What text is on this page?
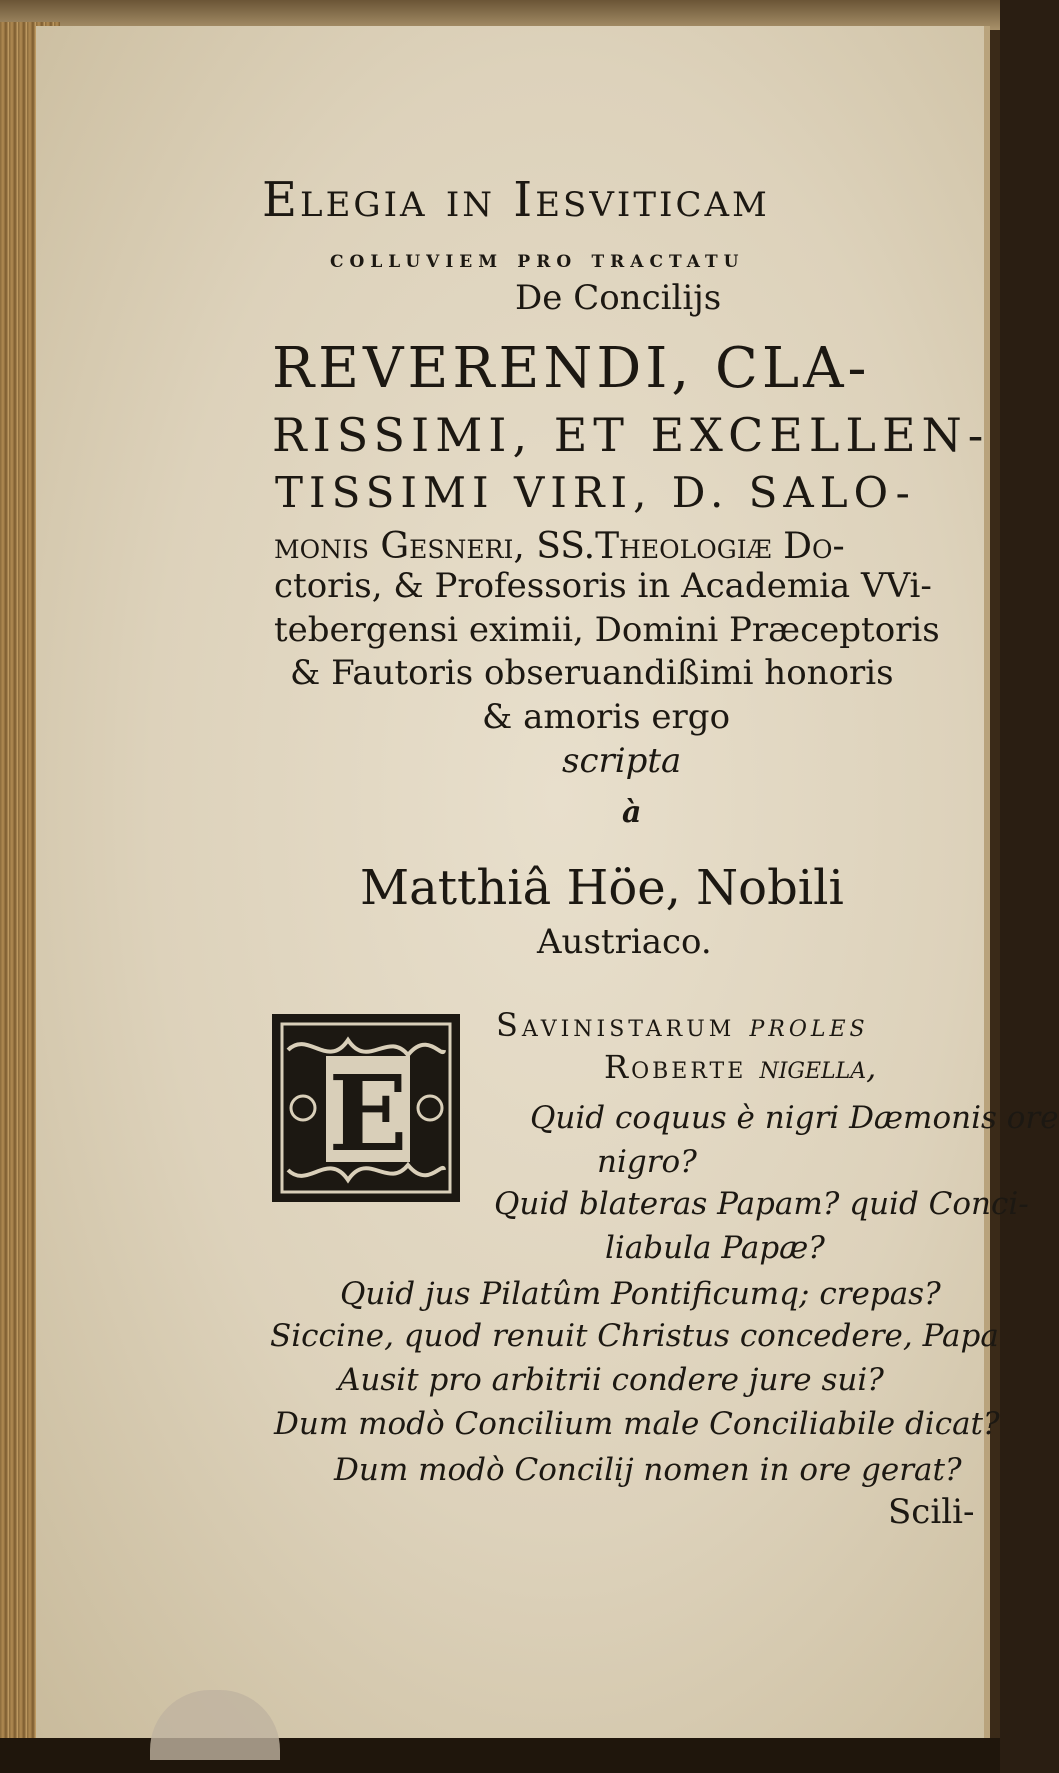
Elegia in Iesviticam
colluviem pro tractatu
De Concilijs
REVERENDI, CLA-
RISSIMI, ET EXCELLEN-
TISSIMI VIRI, D. SALO-
monis Gesneri, SS.Theologiæ Do-
ctoris, & Professoris in Academia VVi-
tebergensi eximii, Domini Præceptoris
& Fautoris obseruandißimi honoris
& amoris ergo
scripta
à
Matthiâ Höe, Nobili
Austriaco.
E
Savinistarum proles
Roberte nigella,
Quid coquus è nigri Dæmonis ore
nigro?
Quid blateras Papam? quid Conci-
liabula Papæ?
Quid jus Pilatûm Pontificumq; crepas?
Siccine, quod renuit Christus concedere, Papa
Ausit pro arbitrii condere jure sui?
Dum modò Concilium male Conciliabile dicat?
Dum modò Concilij nomen in ore gerat?
Scili-
